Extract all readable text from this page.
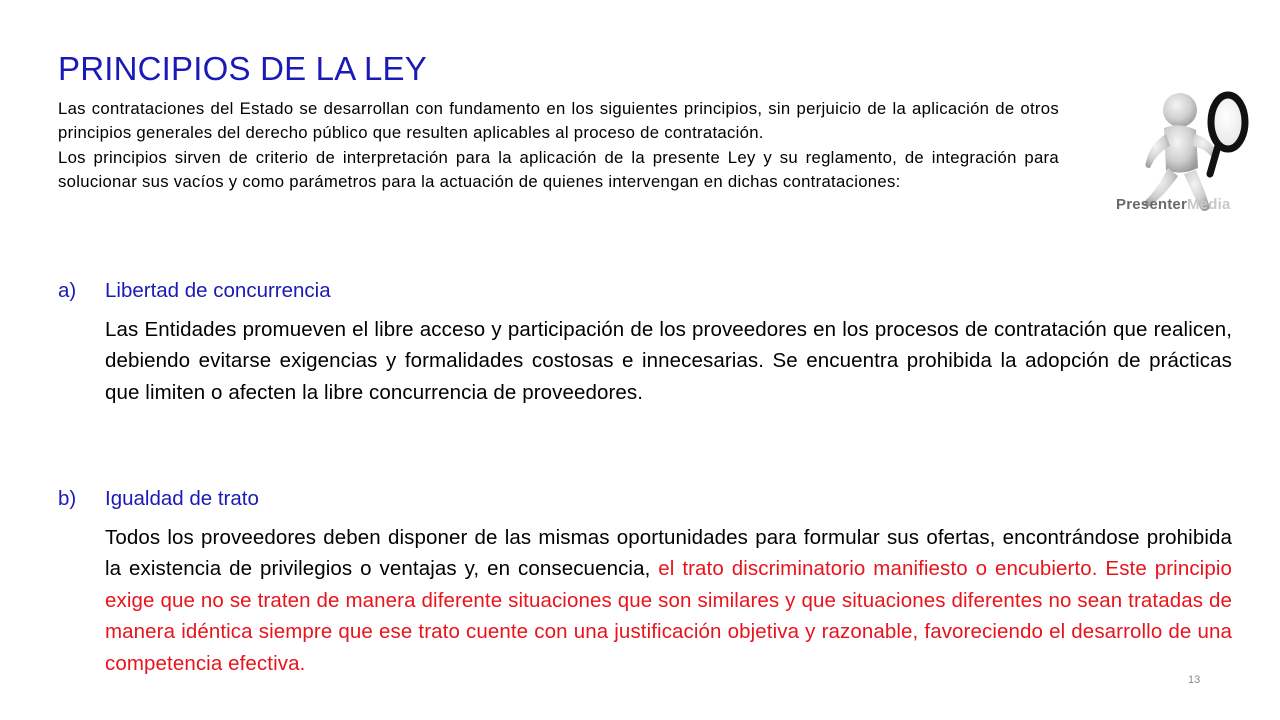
PRINCIPIOS DE LA LEY

Las contrataciones del Estado se desarrollan con fundamento en los siguientes principios, sin perjuicio de la aplicación de otros principios generales del derecho público que resulten aplicables al proceso de contratación.

Los principios sirven de criterio de interpretación para la aplicación de la presente Ley y su reglamento, de integración para solucionar sus vacíos y como parámetros para la actuación de quienes intervengan en dichas contrataciones:

PresenterMedia
a)	Libertad de concurrencia
Las Entidades promueven el libre acceso y participación de los proveedores en los procesos de contratación que realicen, debiendo evitarse exigencias y formalidades costosas e innecesarias. Se encuentra prohibida la adopción de prácticas que limiten o afecten la libre concurrencia de proveedores.
b)	Igualdad de trato
Todos los proveedores deben disponer de las mismas oportunidades para formular sus ofertas, encontrándose prohibida la existencia de privilegios o ventajas y, en consecuencia, el trato discriminatorio manifiesto o encubierto. Este principio exige que no se traten de manera diferente situaciones que son similares y que situaciones diferentes no sean tratadas de manera idéntica siempre que ese trato cuente con una justificación objetiva y razonable, favoreciendo el desarrollo de una competencia efectiva.
13
